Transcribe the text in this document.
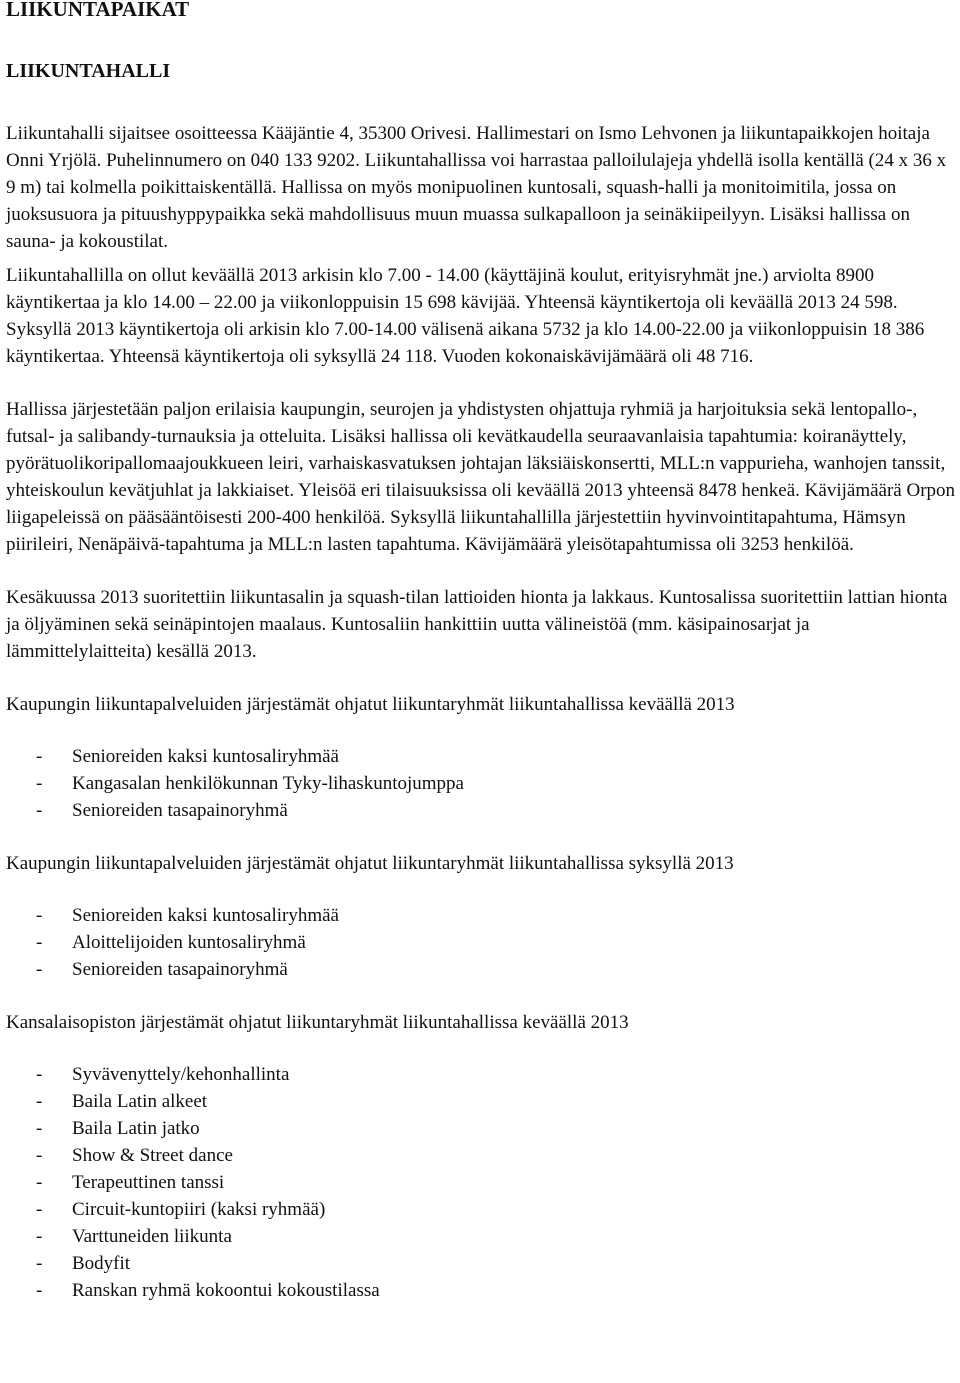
LIIKUNTAPAIKAT
LIIKUNTAHALLI

Liikuntahalli sijaitsee osoitteessa Kääjäntie 4, 35300 Orivesi. Hallimestari on Ismo Lehvonen ja liikuntapaikkojen hoitaja Onni Yrjölä. Puhelinnumero on 040 133 9202. Liikuntahallissa voi harrastaa palloilulajeja yhdellä isolla kentällä (24 x 36 x 9 m) tai kolmella poikittaiskentällä. Hallissa on myös monipuolinen kuntosali, squash-halli ja monitoimitila, jossa on juoksusuora ja pituushyppypaikka sekä mahdollisuus muun muassa sulkapalloon ja seinäkiipeilyyn. Lisäksi hallissa on sauna- ja kokoustilat.

Liikuntahallilla on ollut keväällä 2013 arkisin klo 7.00 - 14.00 (käyttäjinä koulut, erityisryhmät jne.) arviolta 8900 käyntikertaa ja klo 14.00 – 22.00 ja viikonloppuisin 15 698 kävijää. Yhteensä käyntikertoja oli keväällä 2013 24 598. Syksyllä 2013 käyntikertoja oli arkisin klo 7.00-14.00 välisenä aikana 5732 ja klo 14.00-22.00 ja viikonloppuisin 18 386 käyntikertaa. Yhteensä käyntikertoja oli syksyllä 24 118. Vuoden kokonaiskävijämäärä oli 48 716.

Hallissa järjestetään paljon erilaisia kaupungin, seurojen ja yhdistysten ohjattuja ryhmiä ja harjoituksia sekä lentopallo-, futsal- ja salibandy-turnauksia ja otteluita. Lisäksi hallissa oli kevätkaudella seuraavanlaisia tapahtumia: koiranäyttely, pyörätuolikoripallomaajoukkueen leiri, varhaiskasvatuksen johtajan läksiäiskonsertti, MLL:n vappurieha, wanhojen tanssit, yhteiskoulun kevätjuhlat ja lakkiaiset. Yleisöä eri tilaisuuksissa oli keväällä 2013 yhteensä 8478 henkeä. Kävijämäärä Orpon liigapeleissä on pääsääntöisesti 200-400 henkilöä. Syksyllä liikuntahallilla järjestettiin hyvinvointitapahtuma, Hämsyn piirileiri, Nenäpäivä-tapahtuma ja MLL:n lasten tapahtuma. Kävijämäärä yleisötapahtumissa oli 3253 henkilöä.

Kesäkuussa 2013 suoritettiin liikuntasalin ja squash-tilan lattioiden hionta ja lakkaus. Kuntosalissa suoritettiin lattian hionta ja öljyäminen sekä seinäpintojen maalaus. Kuntosaliin hankittiin uutta välineistöä (mm. käsipainosarjat ja lämmittelylaitteita) kesällä 2013.

Kaupungin liikuntapalveluiden järjestämät ohjatut liikuntaryhmät liikuntahallissa keväällä 2013

- Senioreiden kaksi kuntosaliryhmää
- Kangasalan henkilökunnan Tyky-lihaskuntojumppa
- Senioreiden tasapainoryhmä

Kaupungin liikuntapalveluiden järjestämät ohjatut liikuntaryhmät liikuntahallissa syksyllä 2013

- Senioreiden kaksi kuntosaliryhmää
- Aloittelijoiden kuntosaliryhmä
- Senioreiden tasapainoryhmä

Kansalaisopiston järjestämät ohjatut liikuntaryhmät liikuntahallissa keväällä 2013

- Syvävenyttely/kehonhallinta
- Baila Latin alkeet
- Baila Latin jatko
- Show & Street dance
- Terapeuttinen tanssi
- Circuit-kuntopiiri (kaksi ryhmää)
- Varttuneiden liikunta
- Bodyfit
- Ranskan ryhmä kokoontui kokoustilassa
